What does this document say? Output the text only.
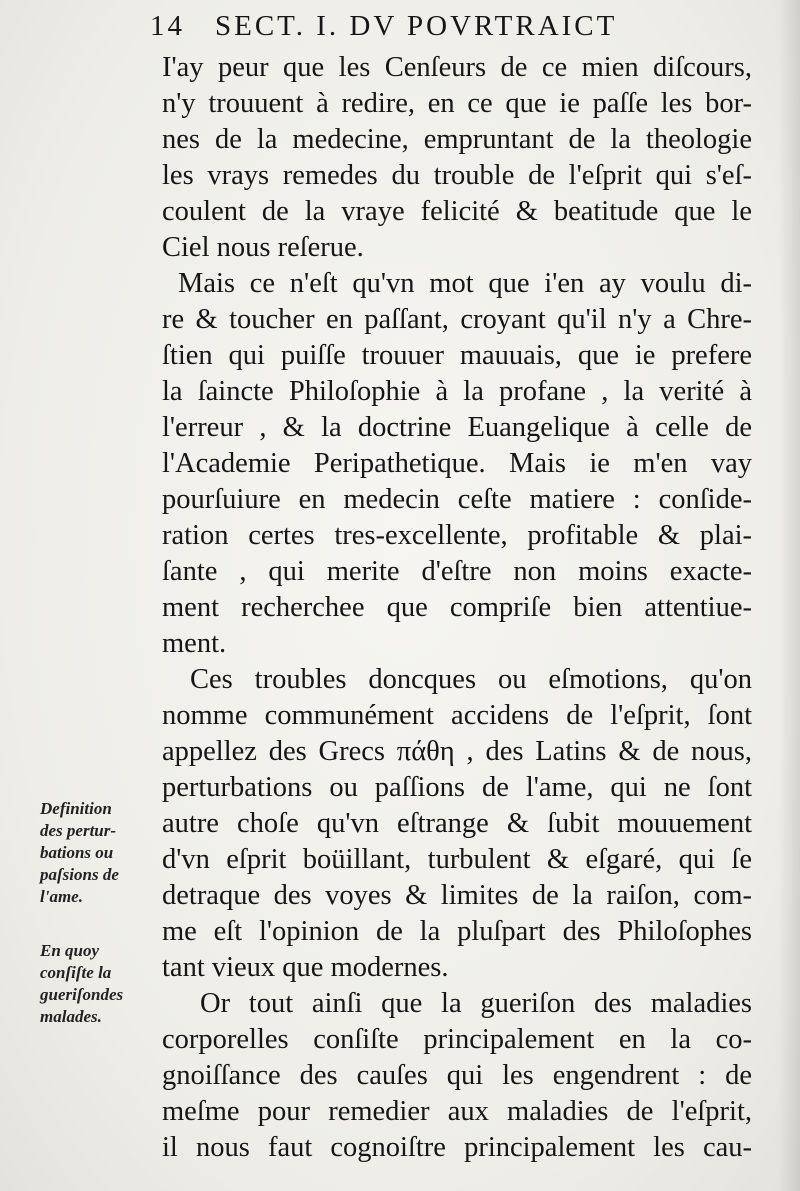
14 SECT. I. DV POVRTRAICT
I'ay peur que les Cenſeurs de ce mien diſcours,
n'y trouuent à redire, en ce que ie paſſe les bor-
nes de la medecine, empruntant de la theologie
les vrays remedes du trouble de l'eſprit qui s'eſ-
coulent de la vraye felicité & beatitude que le
Ciel nous reſerue.
Mais ce n'eſt qu'vn mot que i'en ay voulu di-
re & toucher en paſſant, croyant qu'il n'y a Chre-
ſtien qui puiſſe trouuer mauuais, que ie prefere
la ſaincte Philoſophie à la profane , la verité à
l'erreur , & la doctrine Euangelique à celle de
l'Academie Peripathetique. Mais ie m'en vay
pourſuiure en medecin ceſte matiere : conſide-
ration certes tres-excellente, profitable & plai-
ſante , qui merite d'eſtre non moins exacte-
ment recherchee que compriſe bien attentiue-
ment.
Ces troubles doncques ou eſmotions, qu'on
nomme communément accidens de l'eſprit, ſont
appellez des Grecs πάθη , des Latins & de nous,
perturbations ou paſſions de l'ame, qui ne ſont
autre choſe qu'vn eſtrange & ſubit mouuement
d'vn eſprit boüillant, turbulent & eſgaré, qui ſe
detraque des voyes & limites de la raiſon, com-
me eſt l'opinion de la pluſpart des Philoſophes
tant vieux que modernes.
Or tout ainſi que la gueriſon des maladies
corporelles conſiſte principalement en la co-
gnoiſſance des cauſes qui les engendrent : de
meſme pour remedier aux maladies de l'eſprit,
il nous faut cognoiſtre principalement les cau-
Definition
des pertur-
bations ou
paſsions de
l'ame.
En quoy
conſiſte la
gueriſondes
malades.
